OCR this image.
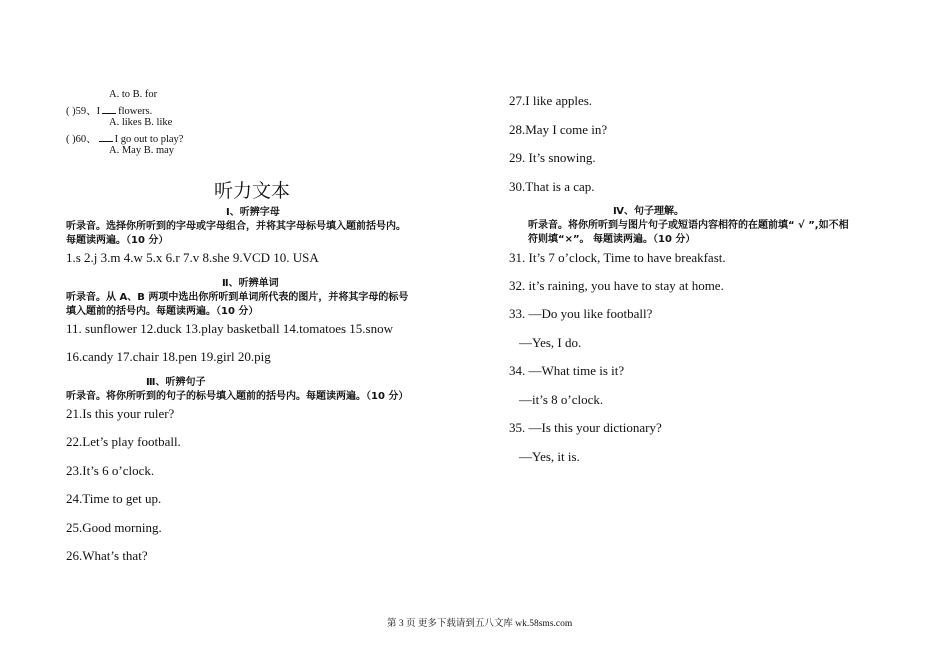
A. to B. for
( )59、I flowers.
A. likes B. like
( )60、 I go out to play?
A. May B. may
听力文本
Ⅰ、听辨字母
听录音。选择你所听到的字母或字母组合，并将其字母标号填入题前括号内。
每题读两遍。（10 分）
1.s 2.j 3.m 4.w 5.x 6.r 7.v 8.she 9.VCD 10. USA
Ⅱ、听辨单词
听录音。从 A、B 两项中选出你所听到单词所代表的图片，并将其字母的标号
填入题前的括号内。每题读两遍。（10 分）
11. sunflower 12.duck 13.play basketball 14.tomatoes 15.snow
16.candy 17.chair 18.pen 19.girl 20.pig
Ⅲ、听辨句子
听录音。将你所听到的句子的标号填入题前的括号内。每题读两遍。（10 分）
21.Is this your ruler?
22.Let’s play football.
23.It’s 6 o’clock.
24.Time to get up.
25.Good morning.
26.What’s that?
27.I like apples.
28.May I come in?
29. It’s snowing.
30.That is a cap.
Ⅳ、句子理解。
听录音。将你所听到与图片句子或短语内容相符的在题前填“ √ ”,如不相
符则填“×”。 每题读两遍。（10 分）
31. It’s 7 o’clock, Time to have breakfast.
32. it’s raining, you have to stay at home.
33. —Do you like football?
—Yes, I do.
34. —What time is it?
—it’s 8 o’clock.
35. —Is this your dictionary?
—Yes, it is.
第 3 页 更多下载请到五八文库 wk.58sms.com
